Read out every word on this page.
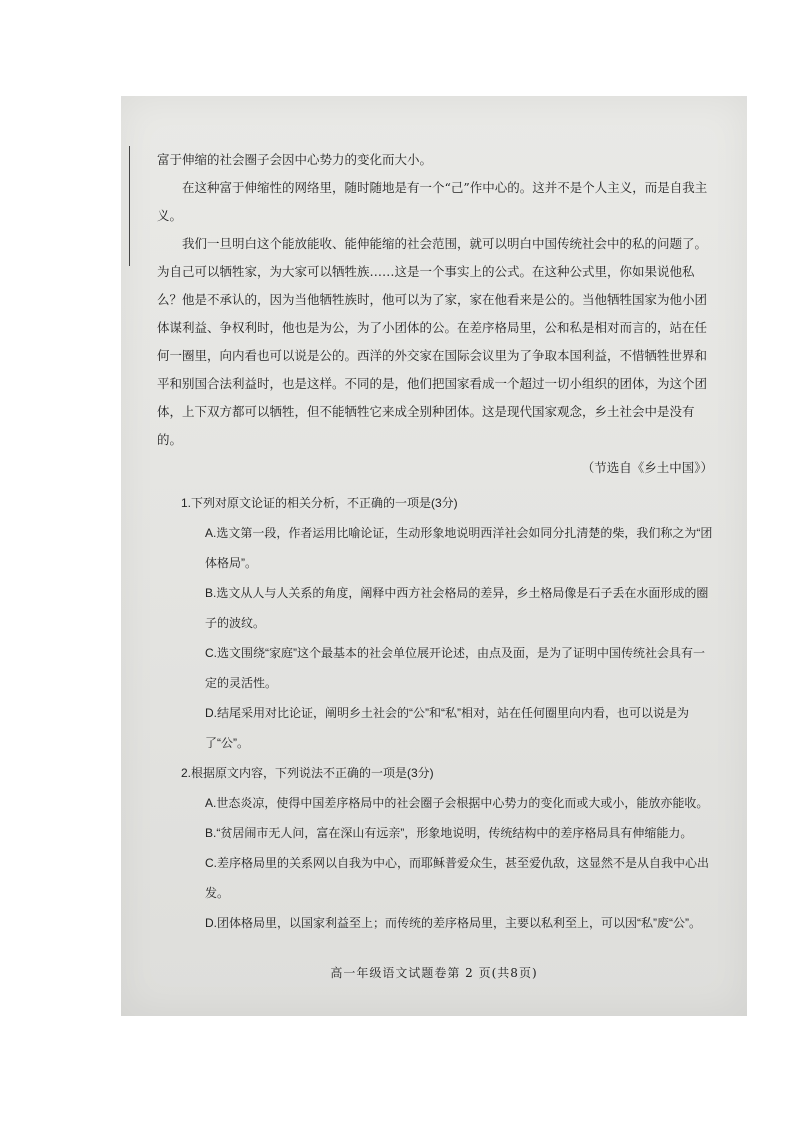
富于伸缩的社会圈子会因中心势力的变化而大小。

在这种富于伸缩性的网络里，随时随地是有一个“己”作中心的。这并不是个人主义，而是自我主义。

我们一旦明白这个能放能收、能伸能缩的社会范围，就可以明白中国传统社会中的私的问题了。为自己可以牺牲家，为大家可以牺牲族……这是一个事实上的公式。在这种公式里，你如果说他私么？他是不承认的，因为当他牺牲族时，他可以为了家，家在他看来是公的。当他牺牲国家为他小团体谋利益、争权利时，他也是为公，为了小团体的公。在差序格局里，公和私是相对而言的，站在任何一圈里，向内看也可以说是公的。西洋的外交家在国际会议里为了争取本国利益，不惜牺牲世界和平和别国合法利益时，也是这样。不同的是，他们把国家看成一个超过一切小组织的团体，为这个团体，上下双方都可以牺牲，但不能牺牲它来成全别种团体。这是现代国家观念，乡土社会中是没有的。

（节选自《乡土中国》）

1.下列对原文论证的相关分析，不正确的一项是(3分)

A.选文第一段，作者运用比喻论证，生动形象地说明西洋社会如同分扎清楚的柴，我们称之为“团体格局”。

B.选文从人与人关系的角度，阐释中西方社会格局的差异，乡土格局像是石子丢在水面形成的圈子的波纹。

C.选文围绕“家庭”这个最基本的社会单位展开论述，由点及面，是为了证明中国传统社会具有一定的灵活性。

D.结尾采用对比论证，阐明乡土社会的“公”和“私”相对，站在任何圈里向内看，也可以说是为了“公”。

2.根据原文内容，下列说法不正确的一项是(3分)

A.世态炎凉，使得中国差序格局中的社会圈子会根据中心势力的变化而或大或小，能放亦能收。

B.“贫居闹市无人问，富在深山有远亲”，形象地说明，传统结构中的差序格局具有伸缩能力。

C.差序格局里的关系网以自我为中心，而耶稣普爱众生，甚至爱仇敌，这显然不是从自我中心出发。

D.团体格局里，以国家利益至上；而传统的差序格局里，主要以私利至上，可以因“私”废“公”。

高一年级语文试题卷第 2 页(共8页)
